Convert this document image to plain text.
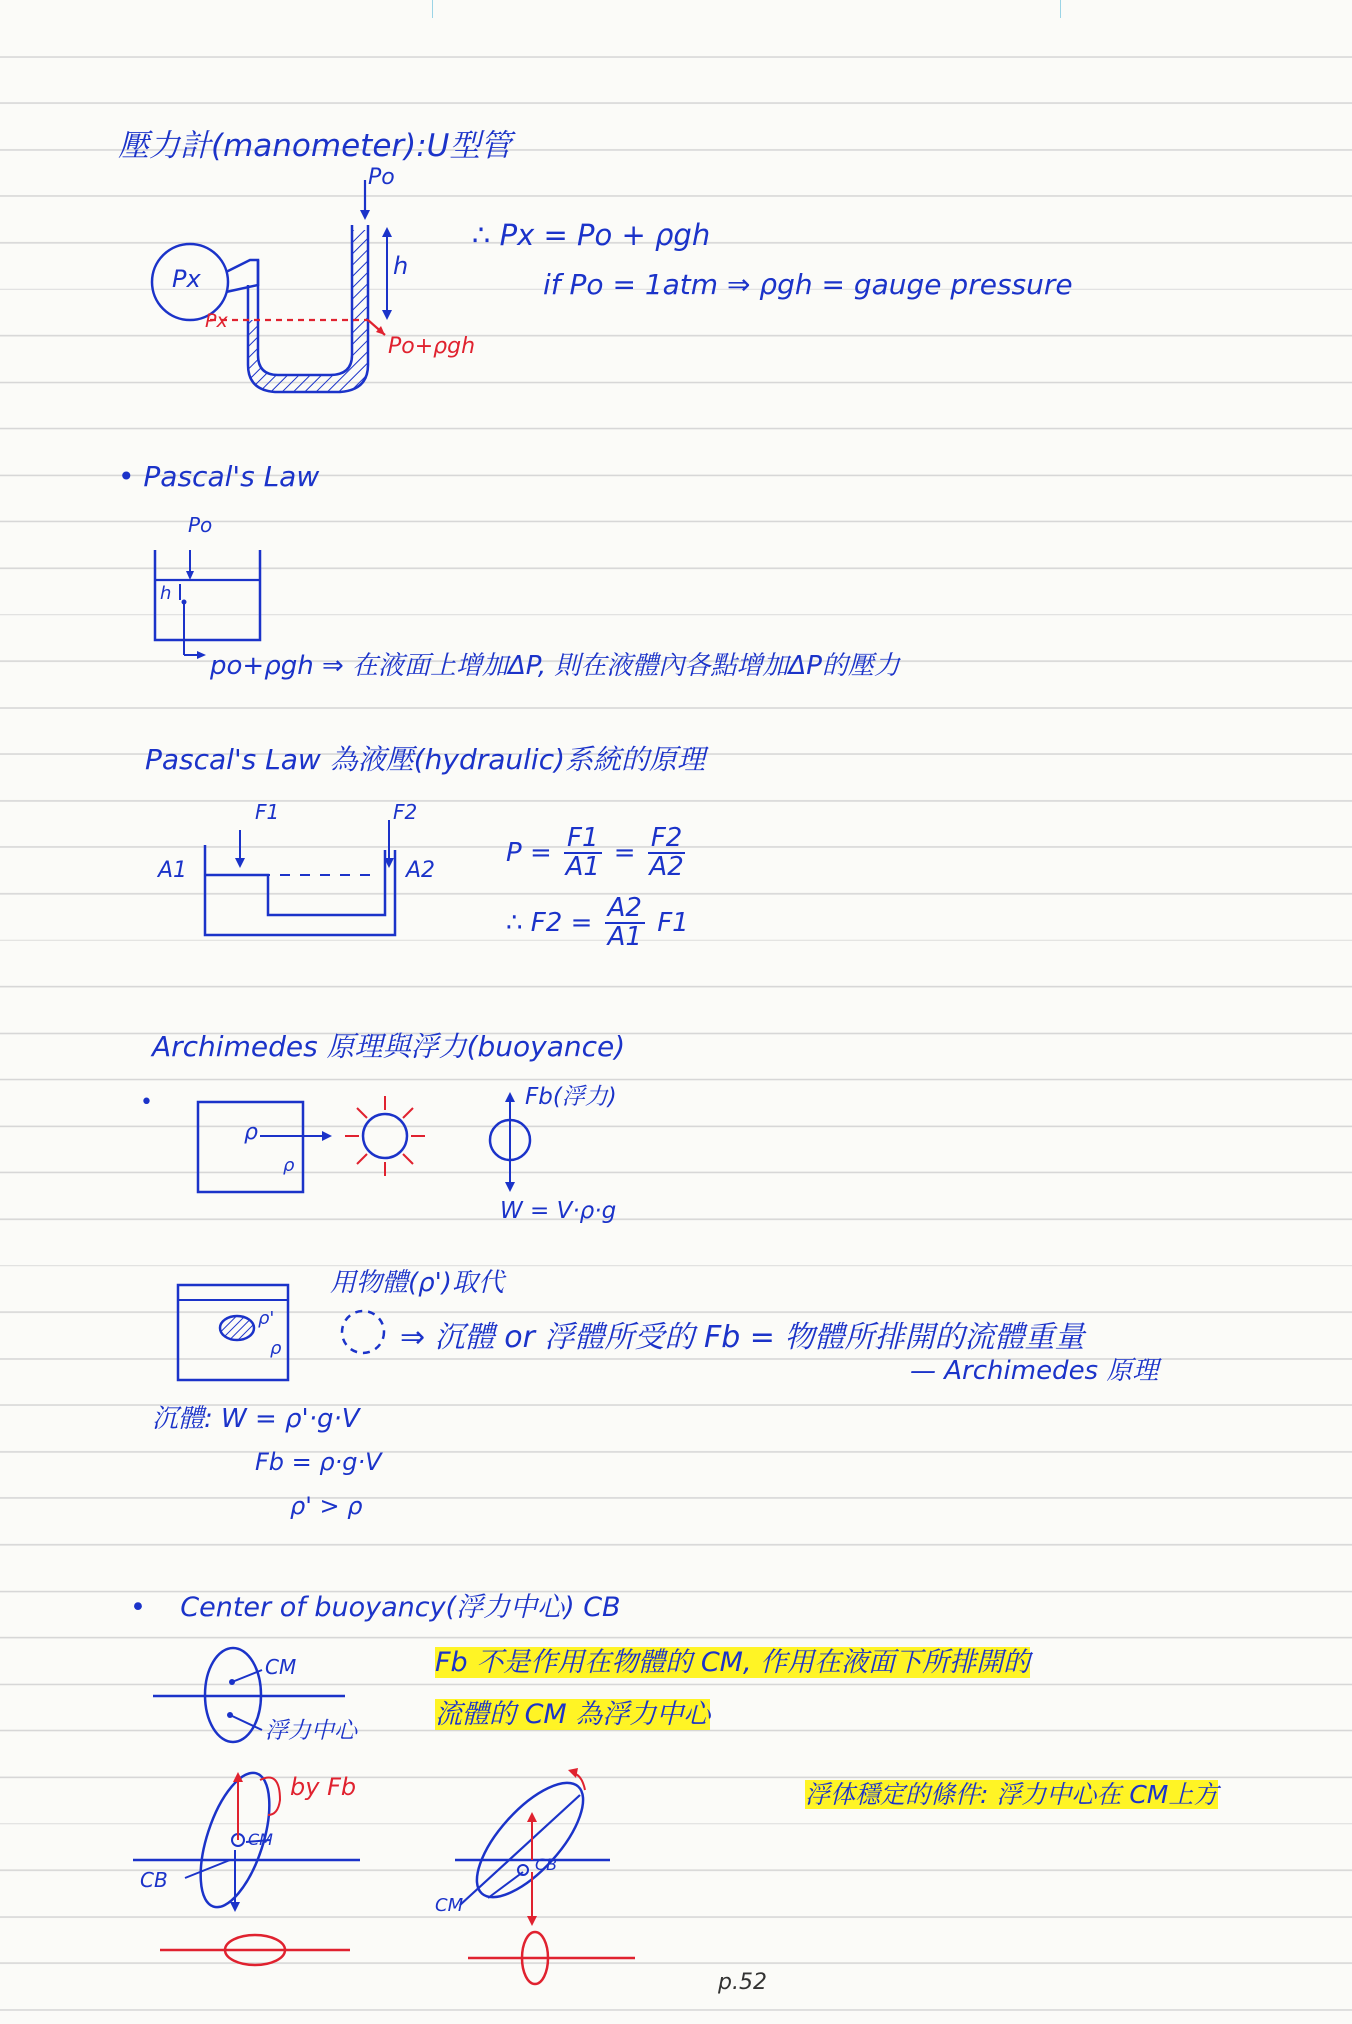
壓力計(manometer):U型管
Px
Px
Po
h
Po+ρgh
∴ Px = Po + ρgh
if Po = 1atm ⇒ ρgh = gauge pressure
• Pascal's Law
Po
h
po+ρgh ⇒ 在液面上增加ΔP, 則在液體內各點增加ΔP的壓力
Pascal's Law 為液壓(hydraulic)系統的原理
F1	F2
A1	A2
$P = \frac{F1}{A1} = \frac{F2}{A2}$
∴ $F2 = \frac{A2}{A1} F1$
Archimedes 原理與浮力(buoyance)
•
ρ
ρ
Fb(浮力)
W = V·ρ·g
用物體(ρ')取代
ρ'
ρ	⇒ 沉體 or 浮體所受的 Fb = 物體所排開的流體重量
— Archimedes 原理
沉體: W = ρ'·g·V
Fb = ρ·g·V
ρ' > ρ
•    Center of buoyancy(浮力中心) CB
CM
浮力中心
Fb 不是作用在物體的 CM, 作用在液面下所排開的
流體的 CM 為浮力中心
浮体穩定的條件: 浮力中心在 CM上方
by Fb
CM
CB
CB
CM
p.52
